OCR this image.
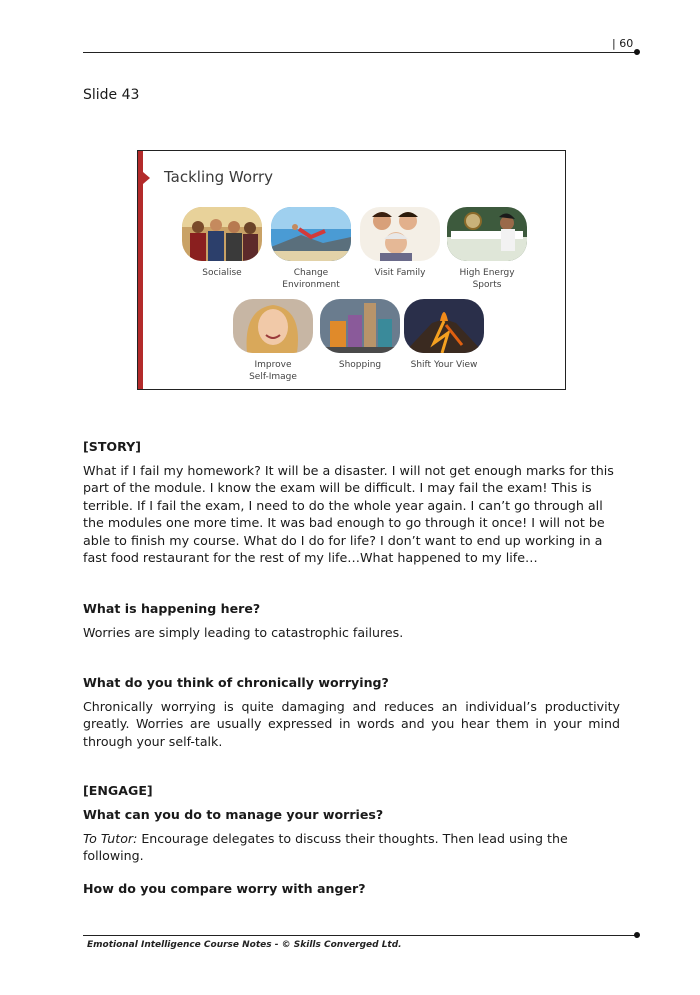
| 60
Slide 43
Tackling Worry
Socialise	Change
Environment
Visit Family	High Energy
Sports
Improve
Self-Image
Shopping	Shift Your View
[STORY]
What if I fail my homework? It will be a disaster. I will not get enough marks for this part of the module. I know the exam will be difficult. I may fail the exam! This is terrible. If I fail the exam, I need to do the whole year again. I can’t go through all the modules one more time. It was bad enough to go through it once! I will not be able to finish my course. What do I do for life? I don’t want to end up working in a fast food restaurant for the rest of my life…What happened to my life…
What is happening here?
Worries are simply leading to catastrophic failures.
What do you think of chronically worrying?
Chronically worrying is quite damaging and reduces an individual’s productivity greatly. Worries are usually expressed in words and you hear them in your mind through your self-talk.
[ENGAGE]
What can you do to manage your worries?
To Tutor: Encourage delegates to discuss their thoughts. Then lead using the following.
How do you compare worry with anger?
Emotional Intelligence Course Notes - © Skills Converged Ltd.
